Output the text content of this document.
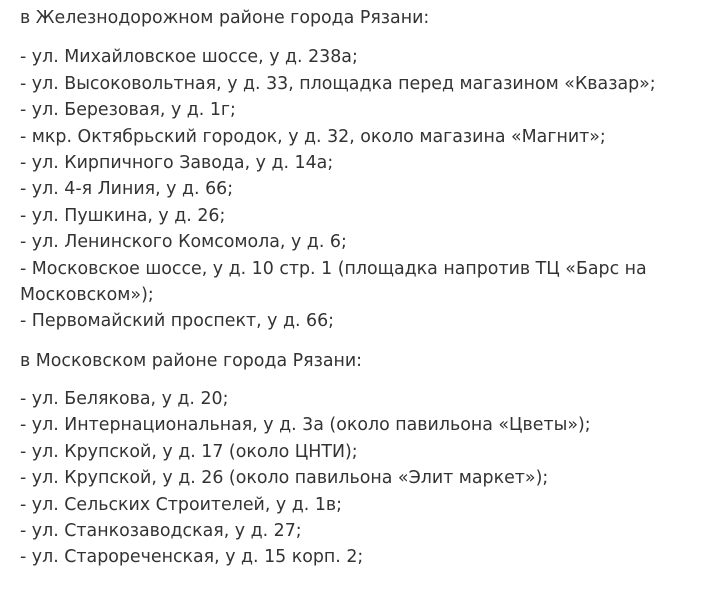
в Железнодорожном районе города Рязани:
- ул. Михайловское шоссе, у д. 238а;
- ул. Высоковольтная, у д. 33, площадка перед магазином «Квазар»;
- ул. Березовая, у д. 1г;
- мкр. Октябрьский городок, у д. 32, около магазина «Магнит»;
- ул. Кирпичного Завода, у д. 14а;
- ул. 4-я Линия, у д. 66;
- ул. Пушкина, у д. 26;
- ул. Ленинского Комсомола, у д. 6;
- Московское шоссе, у д. 10 стр. 1 (площадка напротив ТЦ «Барс на
Московском»);
- Первомайский проспект, у д. 66;
в Московском районе города Рязани:
- ул. Белякова, у д. 20;
- ул. Интернациональная, у д. 3а (около павильона «Цветы»);
- ул. Крупской, у д. 17 (около ЦНТИ);
- ул. Крупской, у д. 26 (около павильона «Элит маркет»);
- ул. Сельских Строителей, у д. 1в;
- ул. Станкозаводская, у д. 27;
- ул. Старореченская, у д. 15 корп. 2;
